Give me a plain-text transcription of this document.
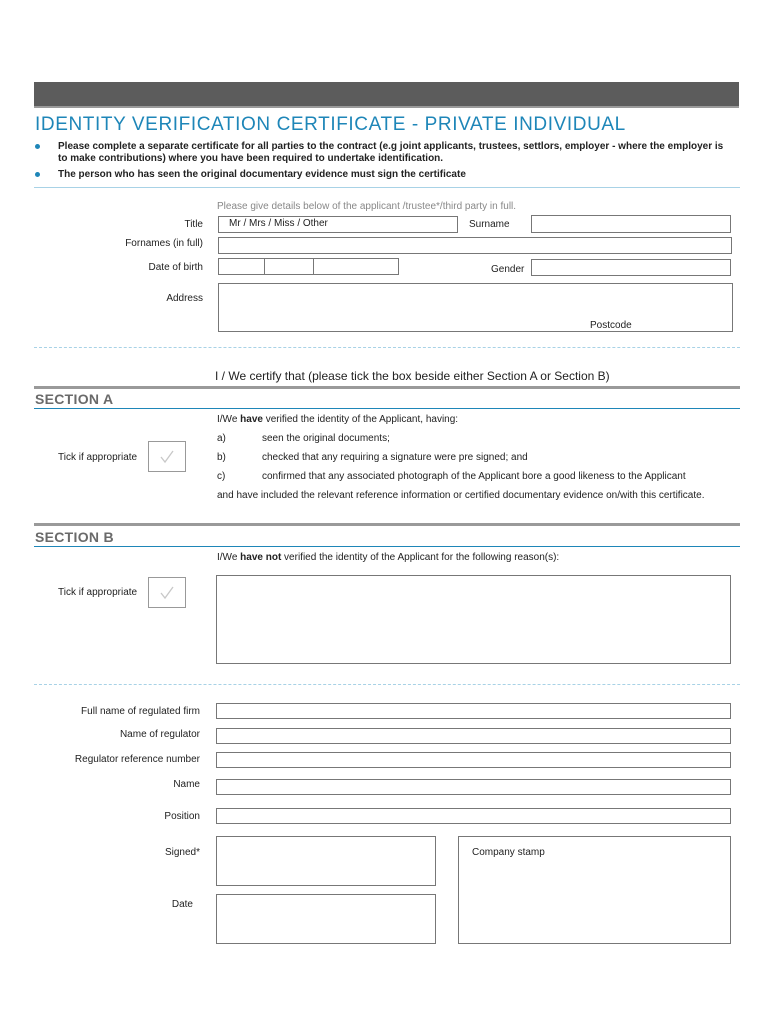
IDENTITY VERIFICATION CERTIFICATE - PRIVATE INDIVIDUAL
Please complete a separate certificate for all parties to the contract (e.g joint applicants, trustees, settlors, employer - where the employer is
to make contributions) where you have been required to undertake identification.
The person who has seen the original documentary evidence must sign the certificate
Please give details below of the applicant /trustee*/third party in full.
Title	Mr / Mrs / Miss / Other	Surname
Fornames (in full)
Date of birth	Gender
Address
Postcode
I / We certify that (please tick the box beside either Section A or Section B)
SECTION A
I/We have verified the identity of the Applicant, having:
a)	seen the original documents;
b)	checked that any requiring a signature were pre signed; and
c)	confirmed that any associated photograph of the Applicant bore a good likeness to the Applicant
Tick if appropriate
and have included the relevant reference information or certified documentary evidence on/with this certificate.
SECTION B
I/We have not verified the identity of the Applicant for the following reason(s):
Tick if appropriate
Full name of regulated firm
Name of regulator
Regulator reference number
Name
Position
Signed*
Date
Company stamp
